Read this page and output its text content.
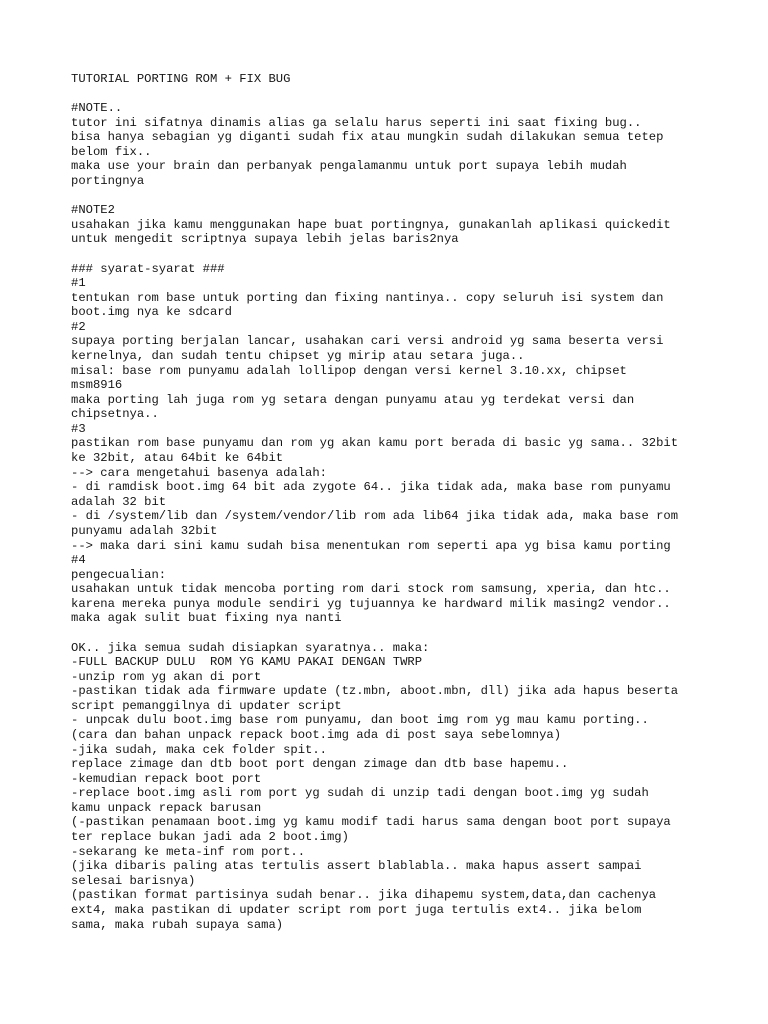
TUTORIAL PORTING ROM + FIX BUG
#NOTE..
tutor ini sifatnya dinamis alias ga selalu harus seperti ini saat fixing bug..
bisa hanya sebagian yg diganti sudah fix atau mungkin sudah dilakukan semua tetep
belom fix..
maka use your brain dan perbanyak pengalamanmu untuk port supaya lebih mudah
portingnya
#NOTE2
usahakan jika kamu menggunakan hape buat portingnya, gunakanlah aplikasi quickedit
untuk mengedit scriptnya supaya lebih jelas baris2nya
### syarat-syarat ###
#1
tentukan rom base untuk porting dan fixing nantinya.. copy seluruh isi system dan
boot.img nya ke sdcard
#2
supaya porting berjalan lancar, usahakan cari versi android yg sama beserta versi
kernelnya, dan sudah tentu chipset yg mirip atau setara juga..
misal: base rom punyamu adalah lollipop dengan versi kernel 3.10.xx, chipset
msm8916
maka porting lah juga rom yg setara dengan punyamu atau yg terdekat versi dan
chipsetnya..
#3
pastikan rom base punyamu dan rom yg akan kamu port berada di basic yg sama.. 32bit
ke 32bit, atau 64bit ke 64bit
--> cara mengetahui basenya adalah:
- di ramdisk boot.img 64 bit ada zygote 64.. jika tidak ada, maka base rom punyamu
adalah 32 bit
- di /system/lib dan /system/vendor/lib rom ada lib64 jika tidak ada, maka base rom
punyamu adalah 32bit
--> maka dari sini kamu sudah bisa menentukan rom seperti apa yg bisa kamu porting
#4
pengecualian:
usahakan untuk tidak mencoba porting rom dari stock rom samsung, xperia, dan htc..
karena mereka punya module sendiri yg tujuannya ke hardward milik masing2 vendor..
maka agak sulit buat fixing nya nanti
OK.. jika semua sudah disiapkan syaratnya.. maka:
-FULL BACKUP DULU  ROM YG KAMU PAKAI DENGAN TWRP
-unzip rom yg akan di port
-pastikan tidak ada firmware update (tz.mbn, aboot.mbn, dll) jika ada hapus beserta
script pemanggilnya di updater script
- unpcak dulu boot.img base rom punyamu, dan boot img rom yg mau kamu porting..
(cara dan bahan unpack repack boot.img ada di post saya sebelomnya)
-jika sudah, maka cek folder spit..
replace zimage dan dtb boot port dengan zimage dan dtb base hapemu..
-kemudian repack boot port
-replace boot.img asli rom port yg sudah di unzip tadi dengan boot.img yg sudah
kamu unpack repack barusan
(-pastikan penamaan boot.img yg kamu modif tadi harus sama dengan boot port supaya
ter replace bukan jadi ada 2 boot.img)
-sekarang ke meta-inf rom port..
(jika dibaris paling atas tertulis assert blablabla.. maka hapus assert sampai
selesai barisnya)
(pastikan format partisinya sudah benar.. jika dihapemu system,data,dan cachenya
ext4, maka pastikan di updater script rom port juga tertulis ext4.. jika belom
sama, maka rubah supaya sama)
